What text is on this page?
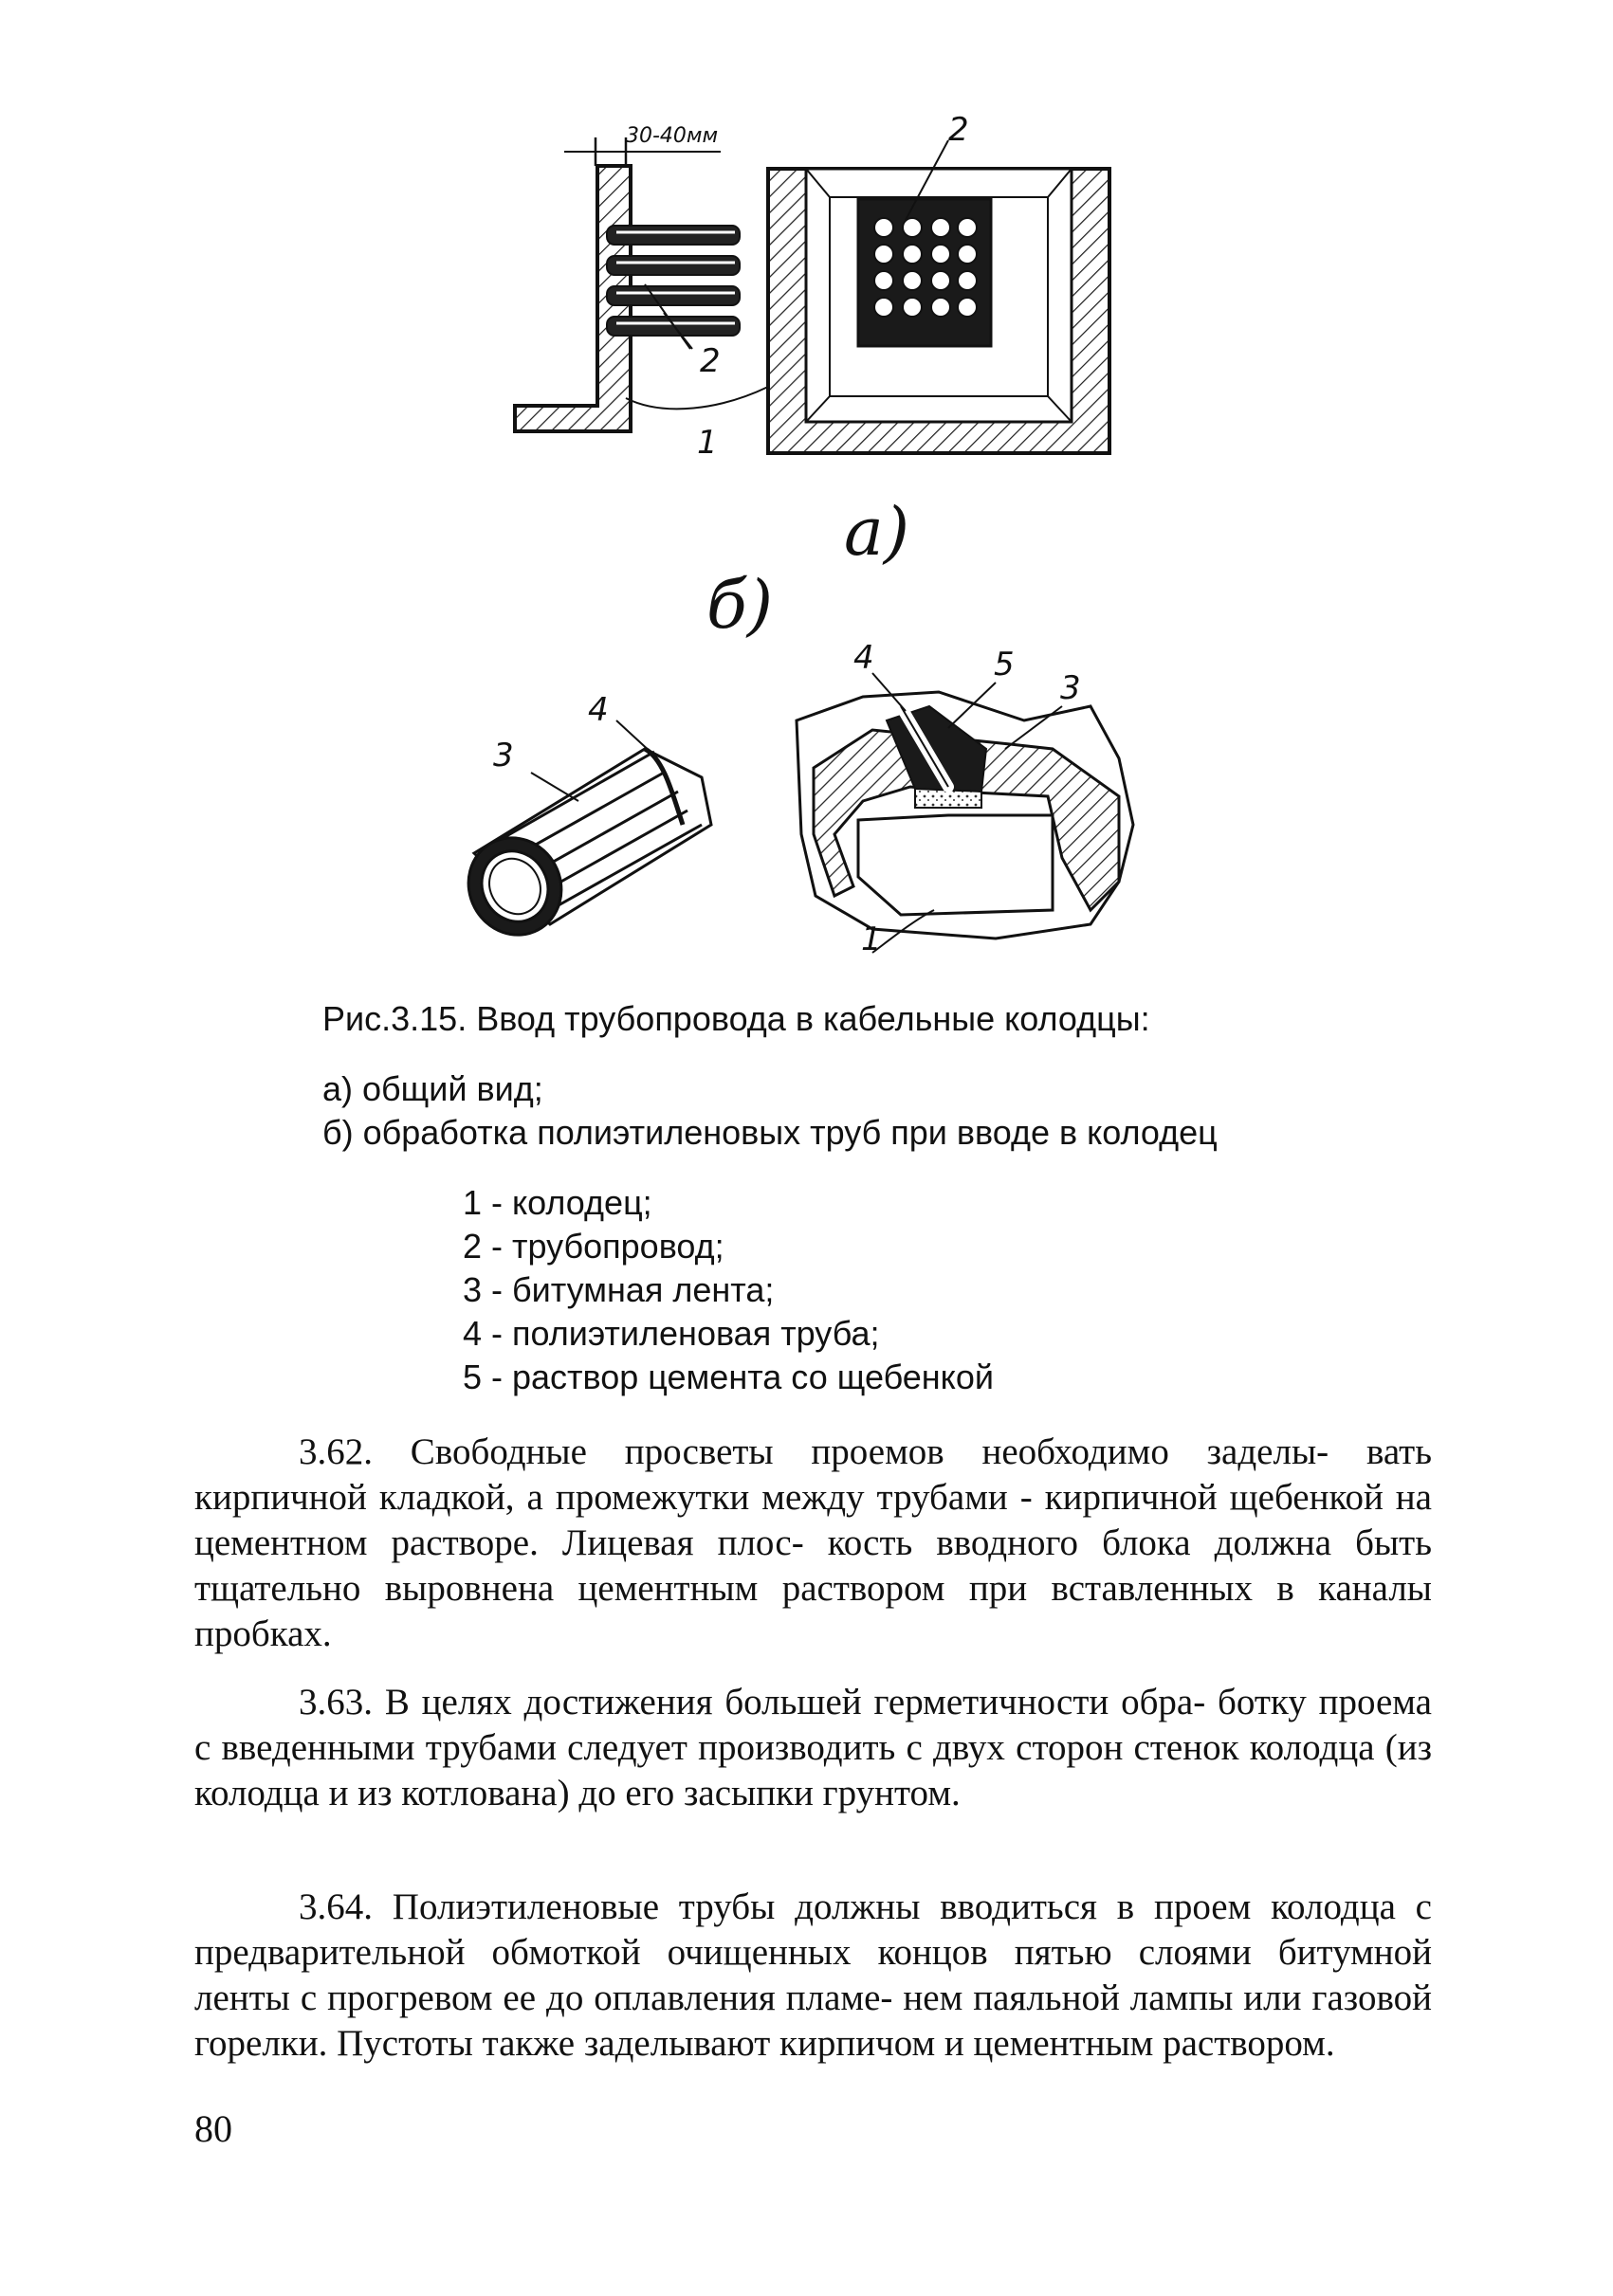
30-40мм
2
1
2
а)
б)
3
4
4	5
3
1
Рис.3.15. Ввод трубопровода в кабельные колодцы:
а) общий вид;
б) обработка полиэтиленовых труб при вводе в колодец
1 - колодец;
2 - трубопровод;
3 - битумная лента;
4 - полиэтиленовая труба;
5 - раствор цемента со щебенкой

3.62. Свободные просветы проемов необходимо заделы- вать кирпичной кладкой, а промежутки между трубами - кирпичной щебенкой на цементном растворе. Лицевая плос- кость вводного блока должна быть тщательно выровнена цементным раствором при вставленных в каналы пробках.

3.63. В целях достижения большей герметичности обра- ботку проема с введенными трубами следует производить с двух сторон стенок колодца (из колодца и из котлована) до его засыпки грунтом.

3.64. Полиэтиленовые трубы должны вводиться в проем колодца с предварительной обмоткой очищенных концов пятью слоями битумной ленты с прогревом ее до оплавления пламе- нем паяльной лампы или газовой горелки. Пустоты также заделывают кирпичом и цементным раствором.

80
